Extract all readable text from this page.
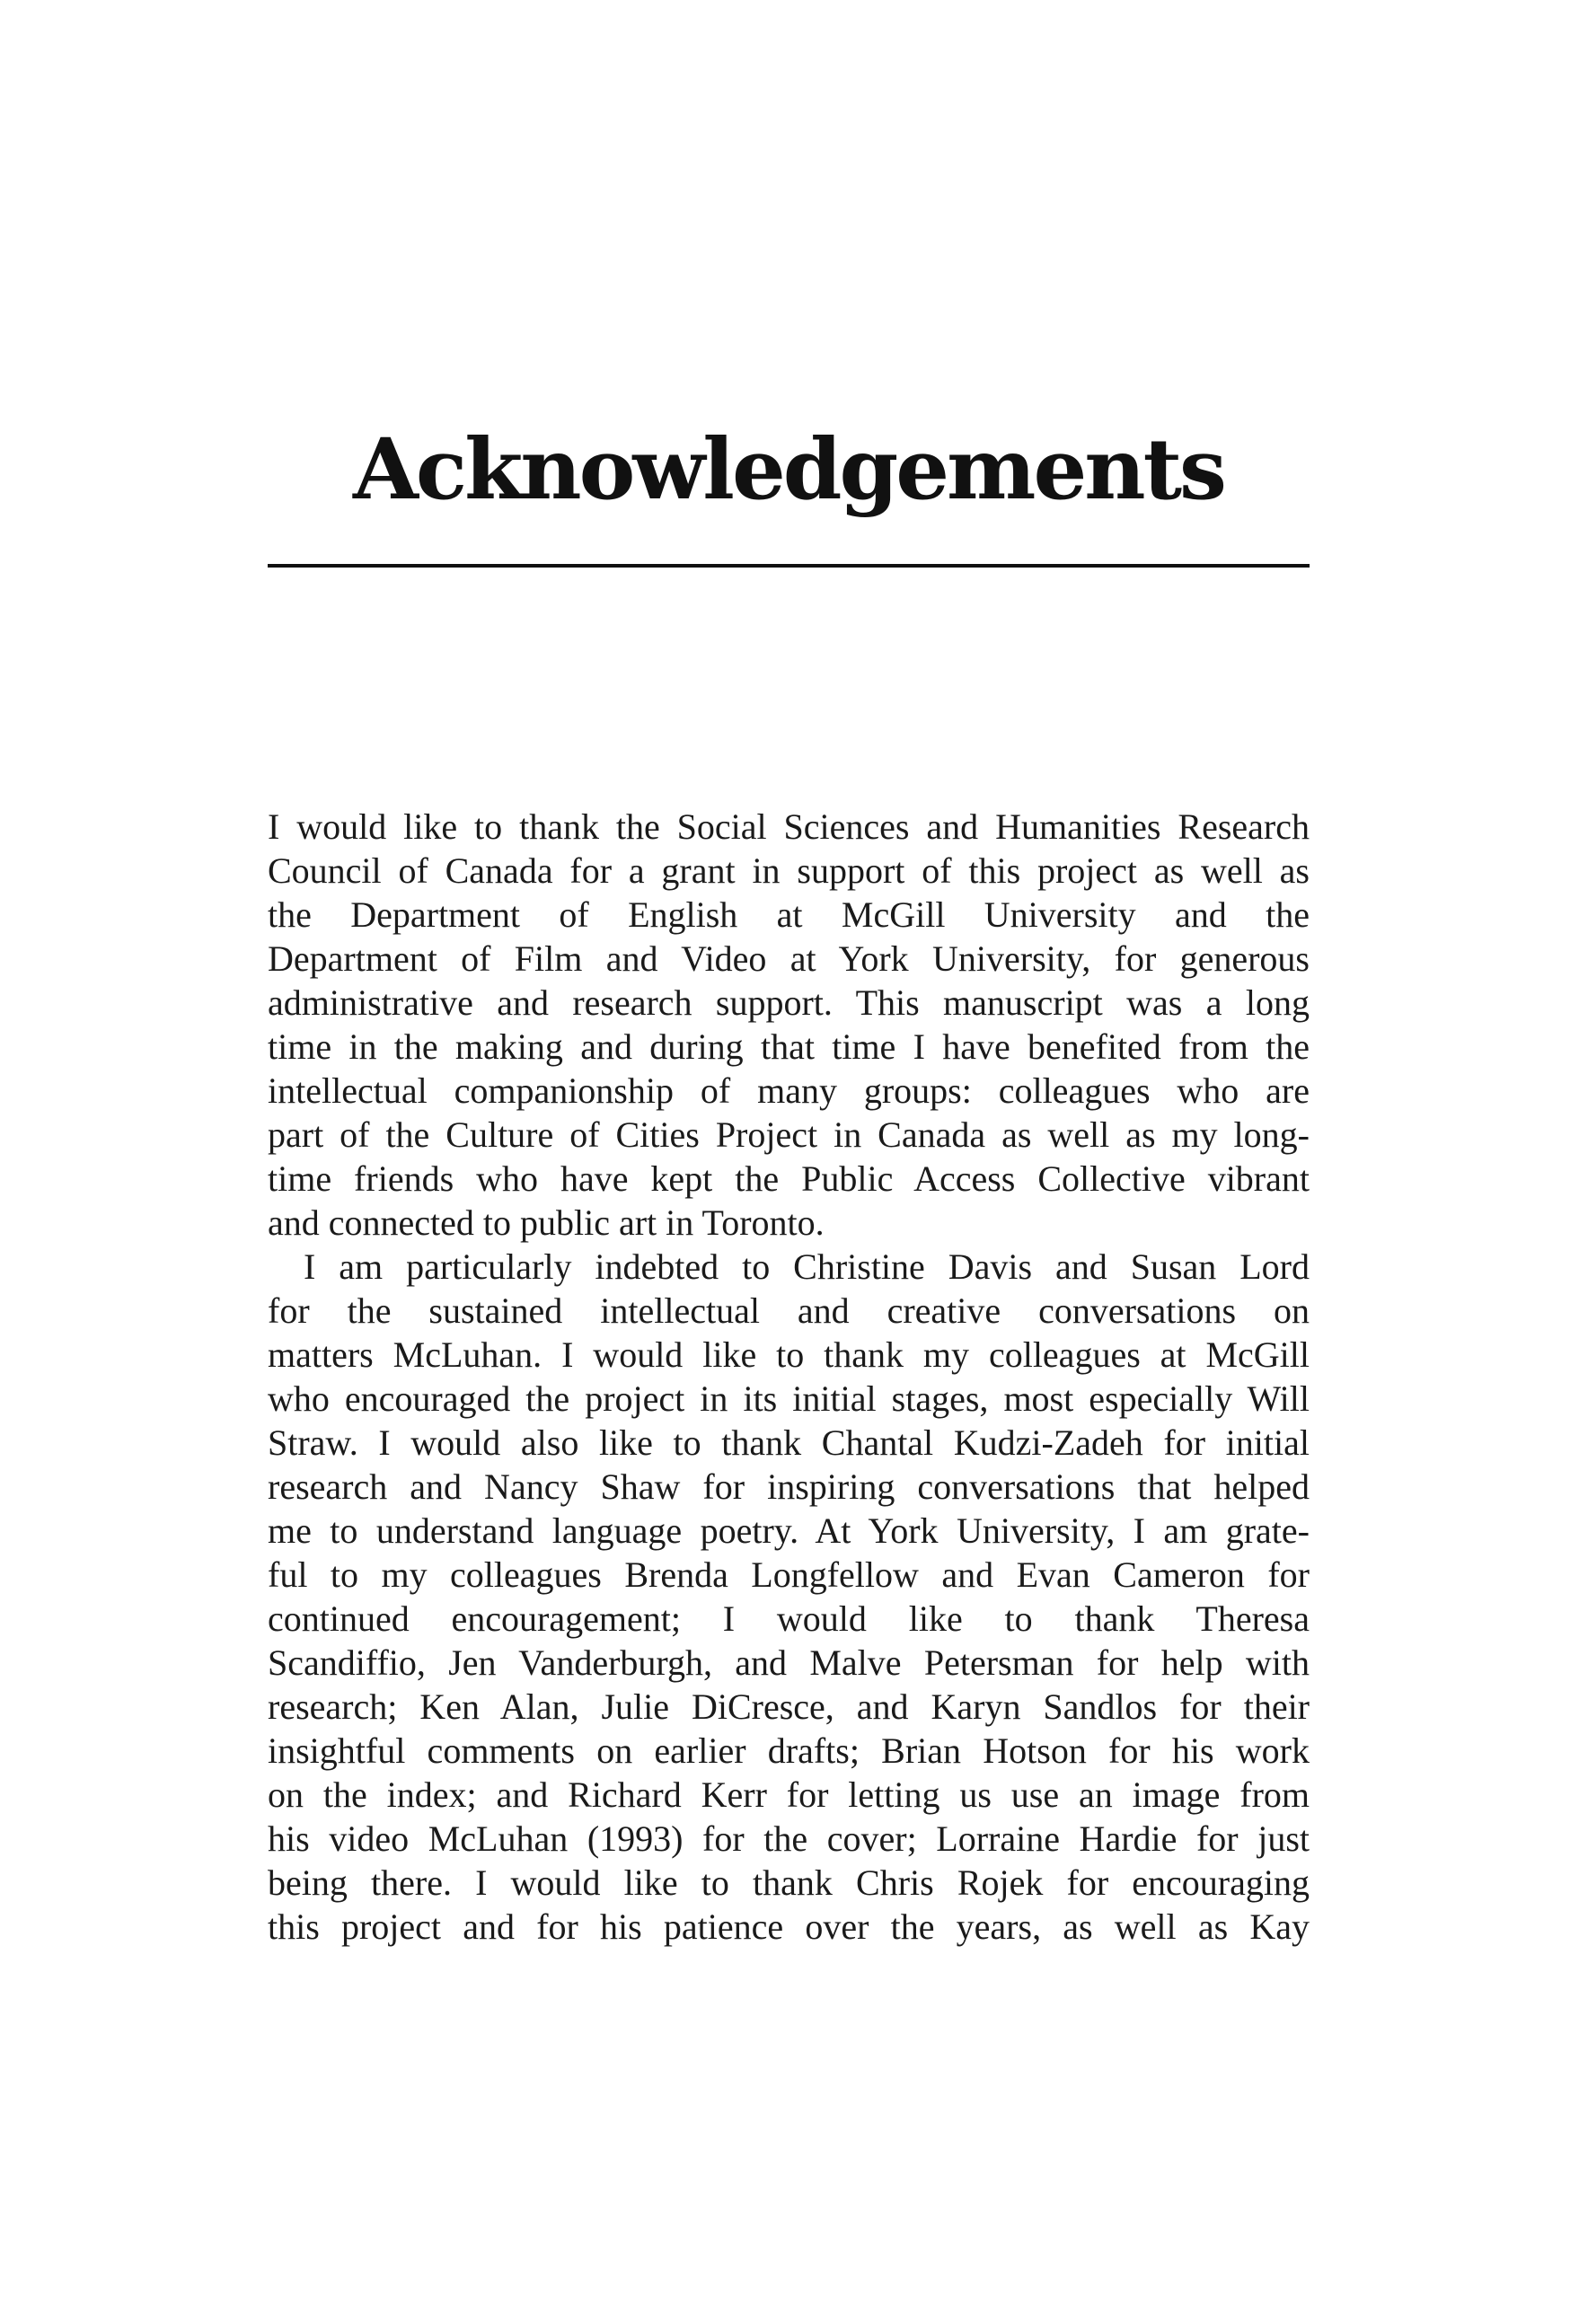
Acknowledgements
I would like to thank the Social Sciences and Humanities Research
Council of Canada for a grant in support of this project as well as
the Department of English at McGill University and the
Department of Film and Video at York University, for generous
administrative and research support. This manuscript was a long
time in the making and during that time I have benefited from the
intellectual companionship of many groups: colleagues who are
part of the Culture of Cities Project in Canada as well as my long-
time friends who have kept the Public Access Collective vibrant
and connected to public art in Toronto.
I am particularly indebted to Christine Davis and Susan Lord
for the sustained intellectual and creative conversations on
matters McLuhan. I would like to thank my colleagues at McGill
who encouraged the project in its initial stages, most especially Will
Straw. I would also like to thank Chantal Kudzi-Zadeh for initial
research and Nancy Shaw for inspiring conversations that helped
me to understand language poetry. At York University, I am grate-
ful to my colleagues Brenda Longfellow and Evan Cameron for
continued encouragement; I would like to thank Theresa
Scandiffio, Jen Vanderburgh, and Malve Petersman for help with
research; Ken Alan, Julie DiCresce, and Karyn Sandlos for their
insightful comments on earlier drafts; Brian Hotson for his work
on the index; and Richard Kerr for letting us use an image from
his video McLuhan (1993) for the cover; Lorraine Hardie for just
being there. I would like to thank Chris Rojek for encouraging
this project and for his patience over the years, as well as Kay
